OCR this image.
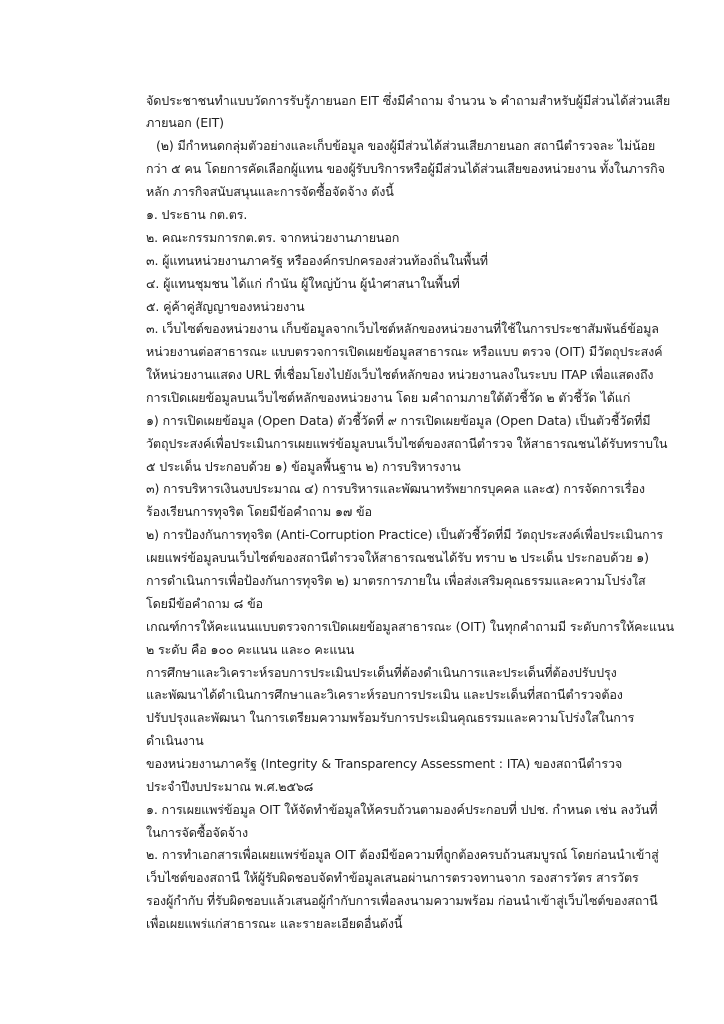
จัดประชาชนทำแบบวัดการรับรู้ภายนอก EIT ซึ่งมีคำถาม จำนวน ๖ คำถามสำหรับผู้มีส่วนได้ส่วนเสีย
ภายนอก (EIT)
(๒) มีกำหนดกลุ่มตัวอย่างและเก็บข้อมูล ของผู้มีส่วนได้ส่วนเสียภายนอก สถานีตำรวจละ ไม่น้อย
กว่า ๕ คน โดยการคัดเลือกผู้แทน ของผู้รับบริการหรือผู้มีส่วนได้ส่วนเสียของหน่วยงาน ทั้งในภารกิจ
หลัก ภารกิจสนับสนุนและการจัดซื้อจัดจ้าง ดังนี้
๑. ประธาน กต.ตร.
๒. คณะกรรมการกต.ตร. จากหน่วยงานภายนอก
๓. ผู้แทนหน่วยงานภาครัฐ หรือองค์กรปกครองส่วนท้องถิ่นในพื้นที่
๔. ผู้แทนชุมชน ได้แก่ กำนัน ผู้ใหญ่บ้าน ผู้นำศาสนาในพื้นที่
๕. คู่ค้าคู่สัญญาของหน่วยงาน
๓. เว็บไซต์ของหน่วยงาน เก็บข้อมูลจากเว็บไซต์หลักของหน่วยงานที่ใช้ในการประชาสัมพันธ์ข้อมูล
หน่วยงานต่อสาธารณะ แบบตรวจการเปิดเผยข้อมูลสาธารณะ หรือแบบ ตรวจ (OIT) มีวัตถุประสงค์
ให้หน่วยงานแสดง URL ที่เชื่อมโยงไปยังเว็บไซต์หลักของ หน่วยงานลงในระบบ ITAP เพื่อแสดงถึง
การเปิดเผยข้อมูลบนเว็บไซต์หลักของหน่วยงาน โดย มคำถามภายใต้ตัวชี้วัด ๒ ตัวชี้วัด ได้แก่
๑) การเปิดเผยข้อมูล (Open Data) ตัวชี้วัดที่ ๙ การเปิดเผยข้อมูล (Open Data) เป็นตัวชี้วัดที่มี
วัตถุประสงค์เพื่อประเมินการเผยแพร่ข้อมูลบนเว็บไซต์ของสถานีตำรวจ ให้สาธารณชนได้รับทราบใน
๕ ประเด็น ประกอบด้วย ๑) ข้อมูลพื้นฐาน ๒) การบริหารงาน
๓) การบริหารเงินงบประมาณ ๔) การบริหารและพัฒนาทรัพยากรบุคคล และ๕) การจัดการเรื่อง
ร้องเรียนการทุจริต โดยมีข้อคำถาม ๑๗ ข้อ
๒) การป้องกันการทุจริต (Anti-Corruption Practice) เป็นตัวชี้วัดที่มี วัตถุประสงค์เพื่อประเมินการ
เผยแพร่ข้อมูลบนเว็บไซต์ของสถานีตำรวจให้สาธารณชนได้รับ ทราบ ๒ ประเด็น ประกอบด้วย ๑)
การดำเนินการเพื่อป้องกันการทุจริต ๒) มาตรการภายใน เพื่อส่งเสริมคุณธรรมและความโปร่งใส
โดยมีข้อคำถาม ๘ ข้อ
เกณฑ์การให้คะแนนแบบตรวจการเปิดเผยข้อมูลสาธารณะ (OIT) ในทุกคำถามมี ระดับการให้คะแนน
๒ ระดับ คือ ๑๐๐ คะแนน และ๐ คะแนน
การศึกษาและวิเคราะห์รอบการประเมินประเด็นที่ต้องดำเนินการและประเด็นที่ต้องปรับปรุง
และพัฒนาได้ดำเนินการศึกษาและวิเคราะห์รอบการประเมิน และประเด็นที่สถานีตำรวจต้อง
ปรับปรุงและพัฒนา ในการเตรียมความพร้อมรับการประเมินคุณธรรมและความโปร่งใสในการ
ดำเนินงาน
ของหน่วยงานภาครัฐ (Integrity & Transparency Assessment : ITA) ของสถานีตำรวจ
ประจำปีงบประมาณ พ.ศ.๒๕๖๘
๑. การเผยแพร่ข้อมูล OIT ให้จัดทำข้อมูลให้ครบถ้วนตามองค์ประกอบที่ ปปช. กำหนด เช่น ลงวันที่
ในการจัดซื้อจัดจ้าง
๒. การทำเอกสารเพื่อเผยแพร่ข้อมูล OIT ต้องมีข้อความที่ถูกต้องครบถ้วนสมบูรณ์ โดยก่อนนำเข้าสู่
เว็บไซต์ของสถานี ให้ผู้รับผิดชอบจัดทำข้อมูลเสนอผ่านการตรวจทานจาก รองสารวัตร สารวัตร
รองผู้กำกับ ที่รับผิดชอบแล้วเสนอผู้กำกับการเพื่อลงนามความพร้อม ก่อนนำเข้าสู่เว็บไซต์ของสถานี
เพื่อเผยแพร่แก่สาธารณะ และรายละเอียดอื่นดังนี้
